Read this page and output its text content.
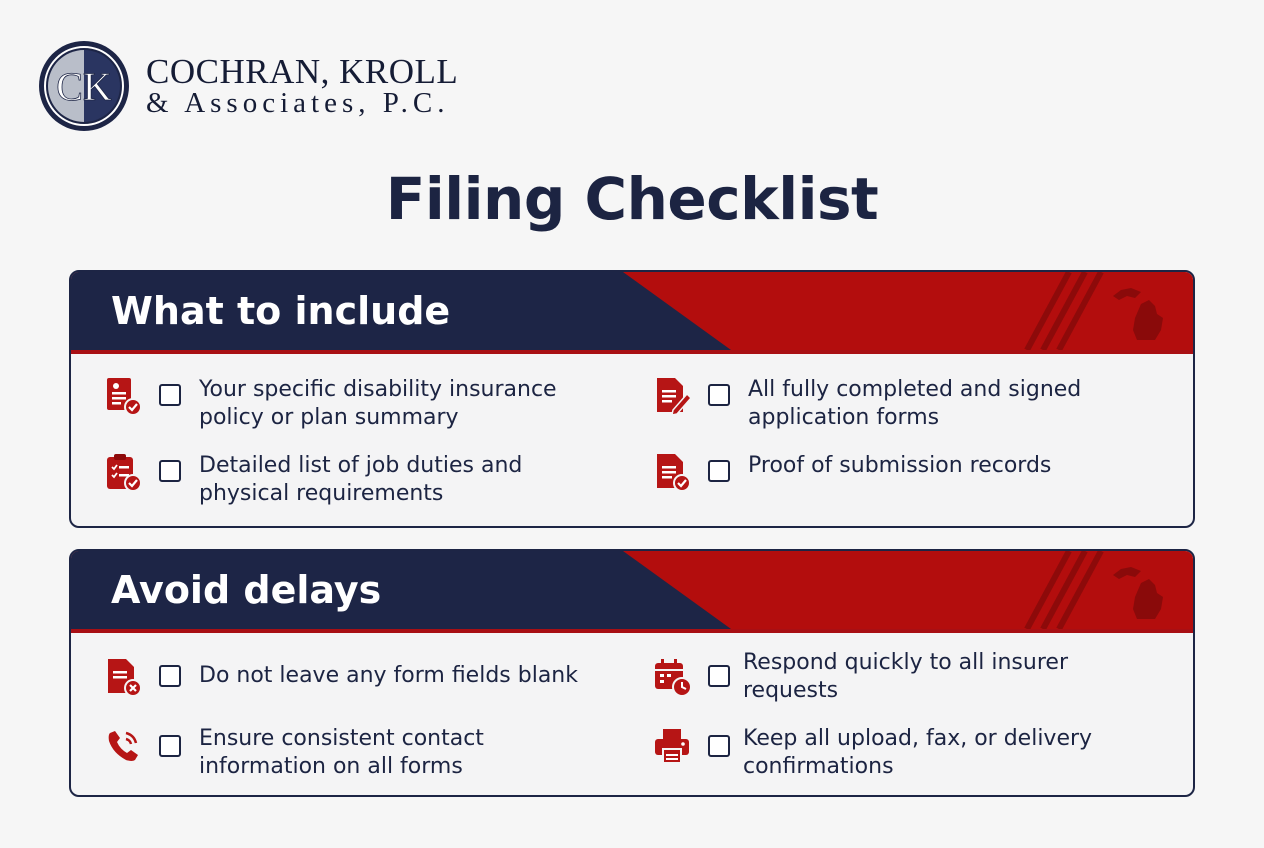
CK COCHRAN, KROLL
& Associates, P.C.
Filing Checklist
What to include
Your specific disability insurance policy or plan summary
All fully completed and signed application forms
Detailed list of job duties and physical requirements
Proof of submission records
Avoid delays
Do not leave any form fields blank
Respond quickly to all insurer requests
Ensure consistent contact information on all forms
Keep all upload, fax, or delivery confirmations
